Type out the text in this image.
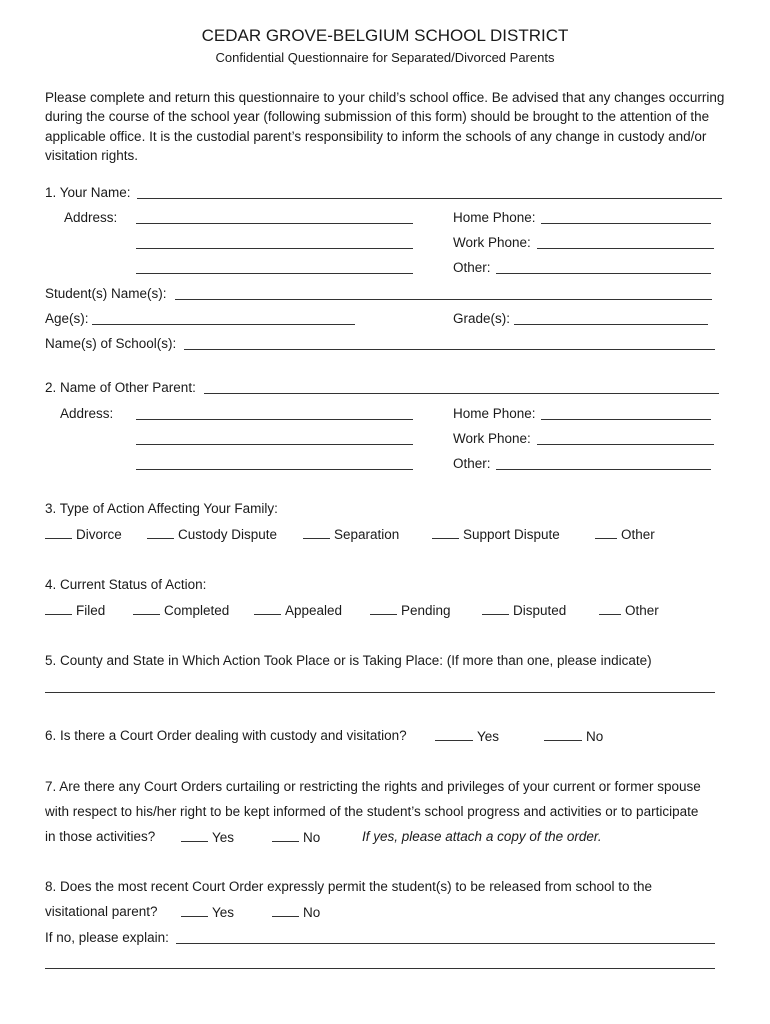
CEDAR GROVE-BELGIUM SCHOOL DISTRICT
Confidential Questionnaire for Separated/Divorced Parents
Please complete and return this questionnaire to your child’s school office. Be advised that any changes occurring during the course of the school year (following submission of this form) should be brought to the attention of the applicable office. It is the custodial parent’s responsibility to inform the schools of any change in custody and/or visitation rights.
1. Your Name:
Address:	Home Phone:
Work Phone:
Other:
Student(s) Name(s):
Age(s):	Grade(s):
Name(s) of School(s):
2. Name of Other Parent:
Address:	Home Phone:
Work Phone:
Other:
3. Type of Action Affecting Your Family:
Divorce	Custody Dispute	Separation	Support Dispute	Other
4. Current Status of Action:
Filed	Completed	Appealed	Pending	Disputed	Other
5. County and State in Which Action Took Place or is Taking Place: (If more than one, please indicate)
6. Is there a Court Order dealing with custody and visitation?	Yes	No
7. Are there any Court Orders curtailing or restricting the rights and privileges of your current or former spouse
with respect to his/her right to be kept informed of the student’s school progress and activities or to participate
in those activities?	Yes	No	If yes, please attach a copy of the order.
8. Does the most recent Court Order expressly permit the student(s) to be released from school to the
visitational parent?	Yes	No
If no, please explain:
